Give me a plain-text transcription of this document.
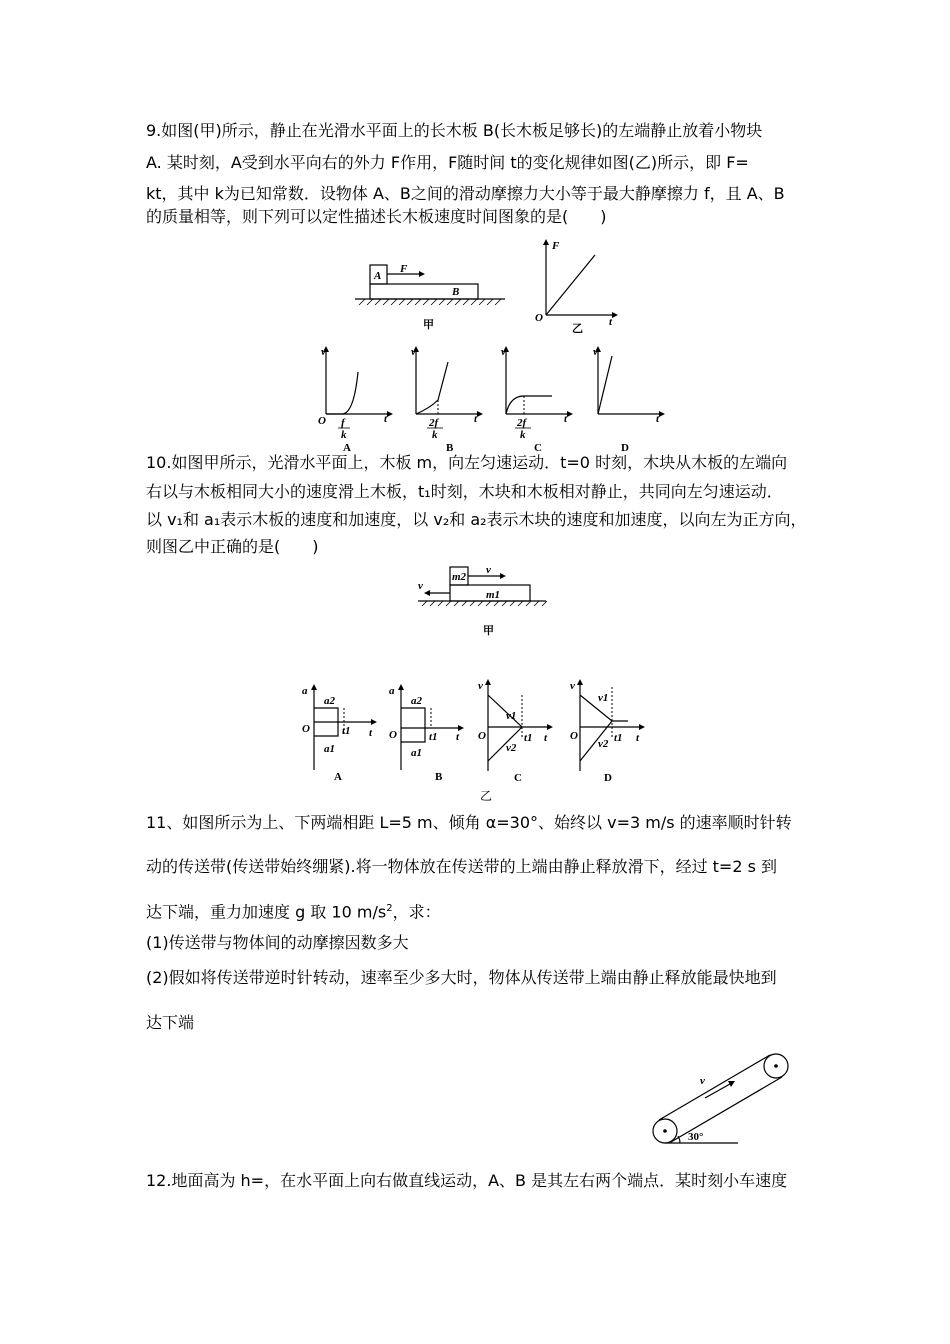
9.如图(甲)所示，静止在光滑水平面上的长木板 B(长木板足够长)的左端静止放着小物块
A. 某时刻，A受到水平向右的外力 F作用，F随时间 t的变化规律如图(乙)所示，即 F=
kt，其中 k为已知常数．设物体 A、B之间的滑动摩擦力大小等于最大静摩擦力 f，且 A、B
的质量相等，则下列可以定性描述长木板速度时间图象的是(　　)
A
F
B
甲
F
O	t
乙
v
O	t
f
k
A
v
t
2f
k
B
v
t
2f
k
C
v
t
D
10.如图甲所示，光滑水平面上，木板 m，向左匀速运动．t=0 时刻，木块从木板的左端向
右以与木板相同大小的速度滑上木板，t₁时刻，木块和木板相对静止，共同向左匀速运动．
以 v₁和 a₁表示木板的速度和加速度，以 v₂和 a₂表示木块的速度和加速度，以向左为正方向，
则图乙中正确的是(　　)
m2
m1
v
v
甲
a
O	t
a2
a1
t1
A
a
O	t
a2
a1
t1
B
v
O	t
v1
v2
t1
C
v
O	t
v1
v2 t1
D
乙
11、如图所示为上、下两端相距 L=5 m、倾角 α=30°、始终以 v=3 m/s 的速率顺时针转
动的传送带(传送带始终绷紧).将一物体放在传送带的上端由静止释放滑下，经过 t=2 s 到
达下端，重力加速度 g 取 10 $m/s^2$，求：
(1)传送带与物体间的动摩擦因数多大
(2)假如将传送带逆时针转动，速率至少多大时，物体从传送带上端由静止释放能最快地到
达下端
v
30°
12.地面高为 h=，在水平面上向右做直线运动，A、B 是其左右两个端点．某时刻小车速度
